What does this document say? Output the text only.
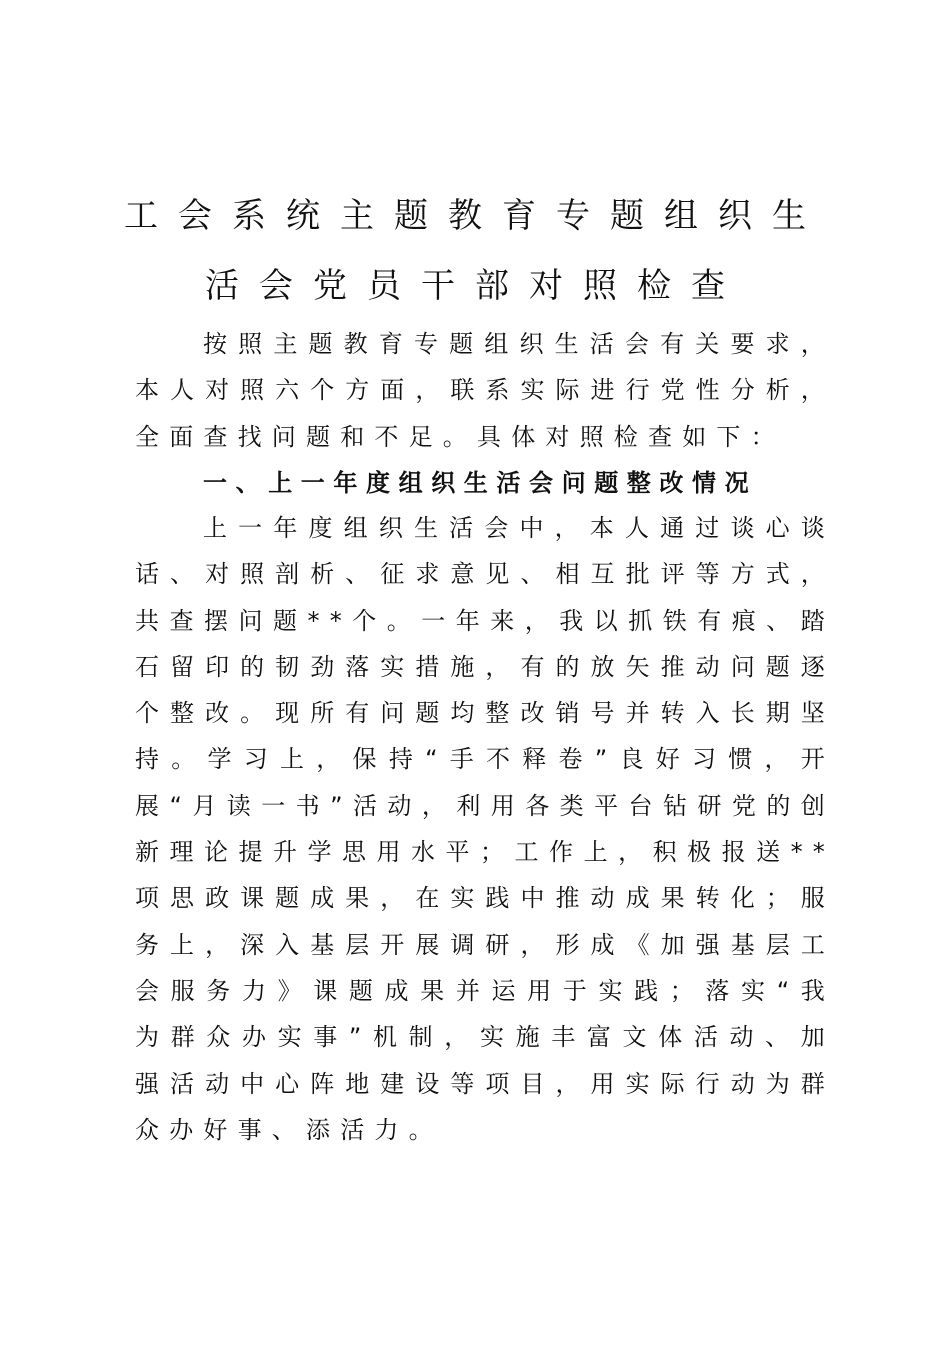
工会系统主题教育专题组织生
活会党员干部对照检查

按照主题教育专题组织生活会有关要求，本人对照六个方面，联系实际进行党性分析，全面查找问题和不足。具体对照检查如下：

一、上一年度组织生活会问题整改情况

上一年度组织生活会中，本人通过谈心谈话、对照剖析、征求意见、相互批评等方式，共查摆问题**个。一年来，我以抓铁有痕、踏石留印的韧劲落实措施，有的放矢推动问题逐个整改。现所有问题均整改销号并转入长期坚持。学习上，保持“手不释卷”良好习惯，开展“月读一书”活动，利用各类平台钻研党的创新理论提升学思用水平；工作上，积极报送**项思政课题成果，在实践中推动成果转化；服务上，深入基层开展调研，形成《加强基层工会服务力》课题成果并运用于实践；落实“我为群众办实事”机制，实施丰富文体活动、加强活动中心阵地建设等项目，用实际行动为群众办好事、添活力。
